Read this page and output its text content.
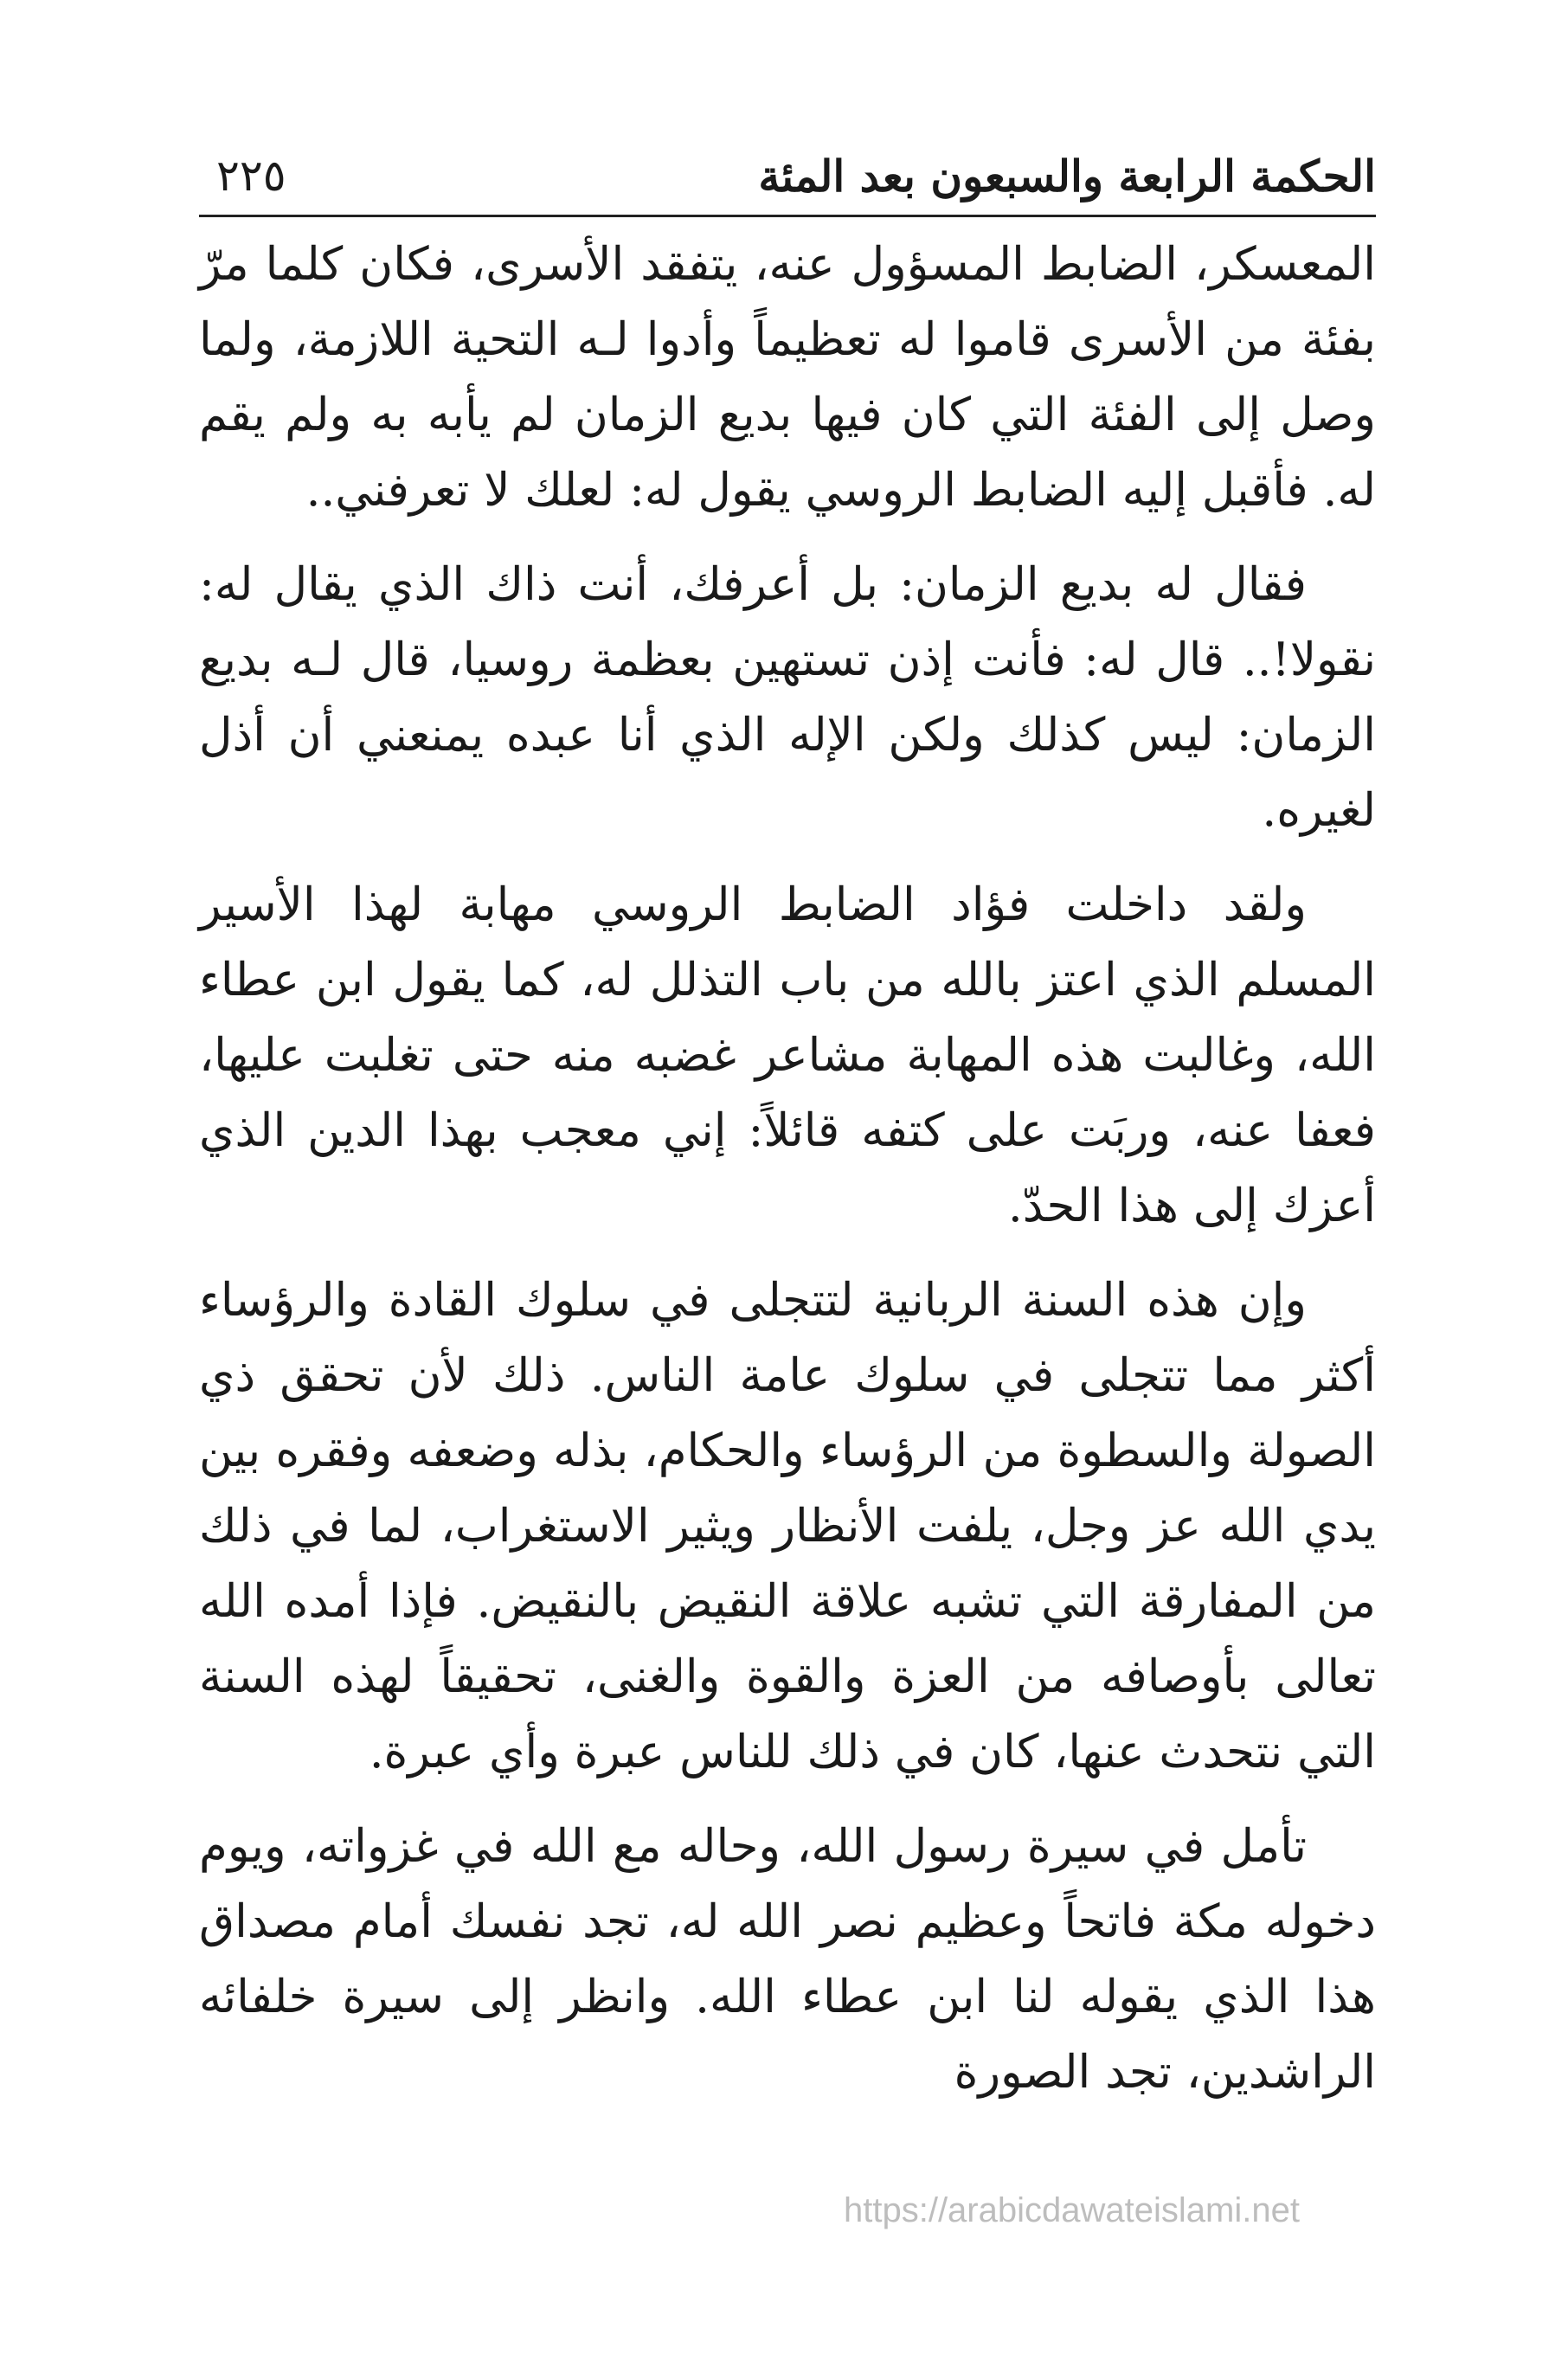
الحكمة الرابعة والسبعون بعد المئة
٢٢٥

المعسكر، الضابط المسؤول عنه، يتفقد الأسرى، فكان كلما مرّ بفئة من الأسرى قاموا له تعظيماً وأدوا لـه التحية اللازمة، ولما وصل إلى الفئة التي كان فيها بديع الزمان لم يأبه به ولم يقم له. فأقبل إليه الضابط الروسي يقول له: لعلك لا تعرفني..

فقال له بديع الزمان: بل أعرفك، أنت ذاك الذي يقال له: نقولا!.. قال له: فأنت إذن تستهين بعظمة روسيا، قال لـه بديع الزمان: ليس كذلك ولكن الإله الذي أنا عبده يمنعني أن أذل لغيره.

ولقد داخلت فؤاد الضابط الروسي مهابة لهذا الأسير المسلم الذي اعتز بالله من باب التذلل له، كما يقول ابن عطاء الله، وغالبت هذه المهابة مشاعر غضبه منه حتى تغلبت عليها، فعفا عنه، وربَت على كتفه قائلاً: إني معجب بهذا الدين الذي أعزك إلى هذا الحدّ.

وإن هذه السنة الربانية لتتجلى في سلوك القادة والرؤساء أكثر مما تتجلى في سلوك عامة الناس. ذلك لأن تحقق ذي الصولة والسطوة من الرؤساء والحكام، بذله وضعفه وفقره بين يدي الله عز وجل، يلفت الأنظار ويثير الاستغراب، لما في ذلك من المفارقة التي تشبه علاقة النقيض بالنقيض. فإذا أمده الله تعالى بأوصافه من العزة والقوة والغنى، تحقيقاً لهذه السنة التي نتحدث عنها، كان في ذلك للناس عبرة وأي عبرة.

تأمل في سيرة رسول الله، وحاله مع الله في غزواته، ويوم دخوله مكة فاتحاً وعظيم نصر الله له، تجد نفسك أمام مصداق هذا الذي يقوله لنا ابن عطاء الله. وانظر إلى سيرة خلفائه الراشدين، تجد الصورة

https://arabicdawateislami.net
